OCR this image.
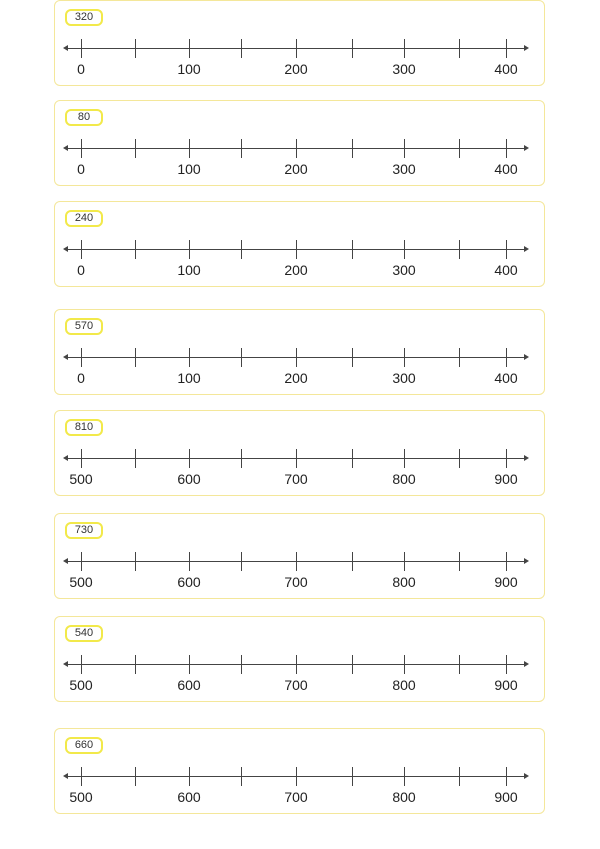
320
0	100	200	300	400
80
0	100	200	300	400
240
0	100	200	300	400
570
0	100	200	300	400
810
500	600	700	800	900
730
500	600	700	800	900
540
500	600	700	800	900
660
500	600	700	800	900
